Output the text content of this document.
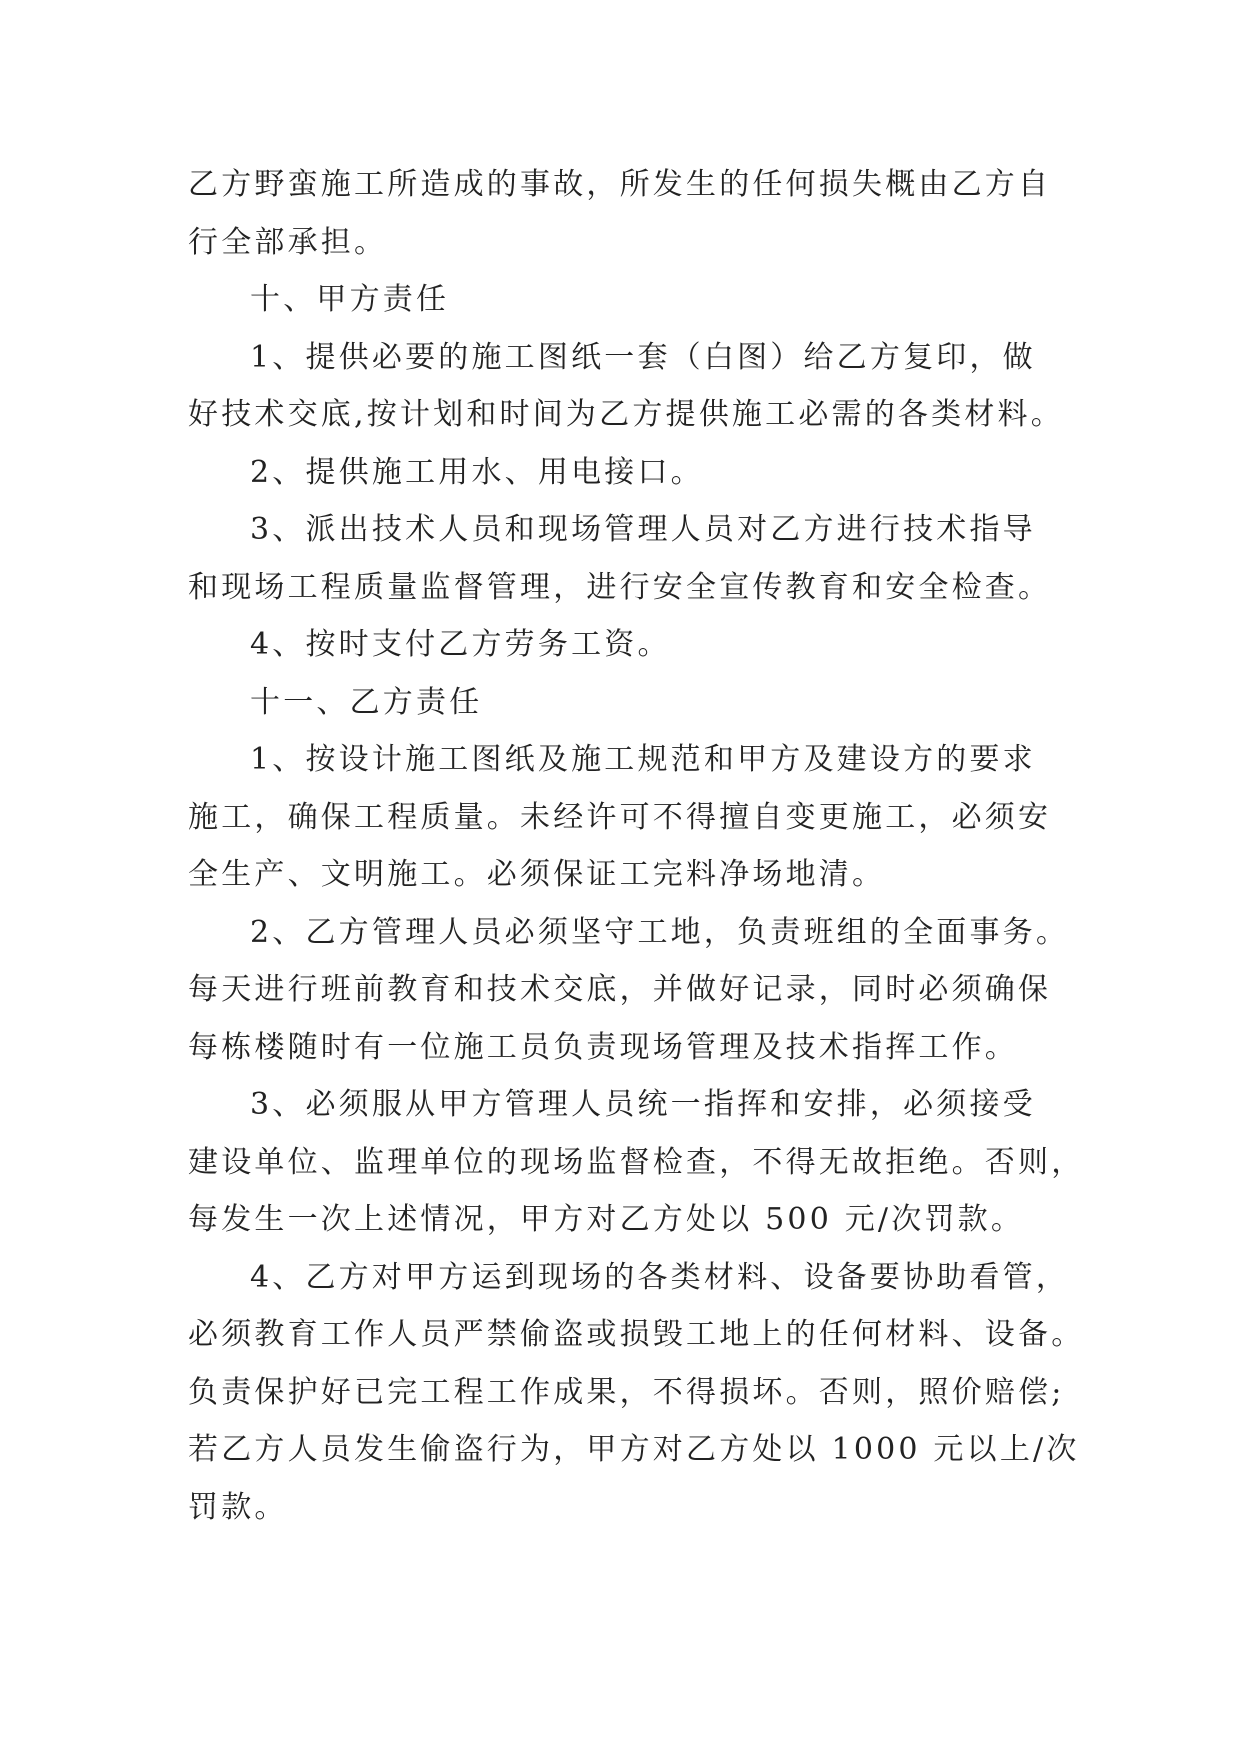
乙方野蛮施工所造成的事故，所发生的任何损失概由乙方自
行全部承担。
十、甲方责任
1、提供必要的施工图纸一套（白图）给乙方复印，做
好技术交底,按计划和时间为乙方提供施工必需的各类材料。
2、提供施工用水、用电接口。
3、派出技术人员和现场管理人员对乙方进行技术指导
和现场工程质量监督管理，进行安全宣传教育和安全检查。
4、按时支付乙方劳务工资。
十一、乙方责任
1、按设计施工图纸及施工规范和甲方及建设方的要求
施工，确保工程质量。未经许可不得擅自变更施工，必须安
全生产、文明施工。必须保证工完料净场地清。
2、乙方管理人员必须坚守工地，负责班组的全面事务。
每天进行班前教育和技术交底，并做好记录，同时必须确保
每栋楼随时有一位施工员负责现场管理及技术指挥工作。
3、必须服从甲方管理人员统一指挥和安排，必须接受
建设单位、监理单位的现场监督检查，不得无故拒绝。否则，
每发生一次上述情况，甲方对乙方处以 500 元/次罚款。
4、乙方对甲方运到现场的各类材料、设备要协助看管，
必须教育工作人员严禁偷盗或损毁工地上的任何材料、设备。
负责保护好已完工程工作成果，不得损坏。否则，照价赔偿;
若乙方人员发生偷盗行为，甲方对乙方处以 1000 元以上/次
罚款。
